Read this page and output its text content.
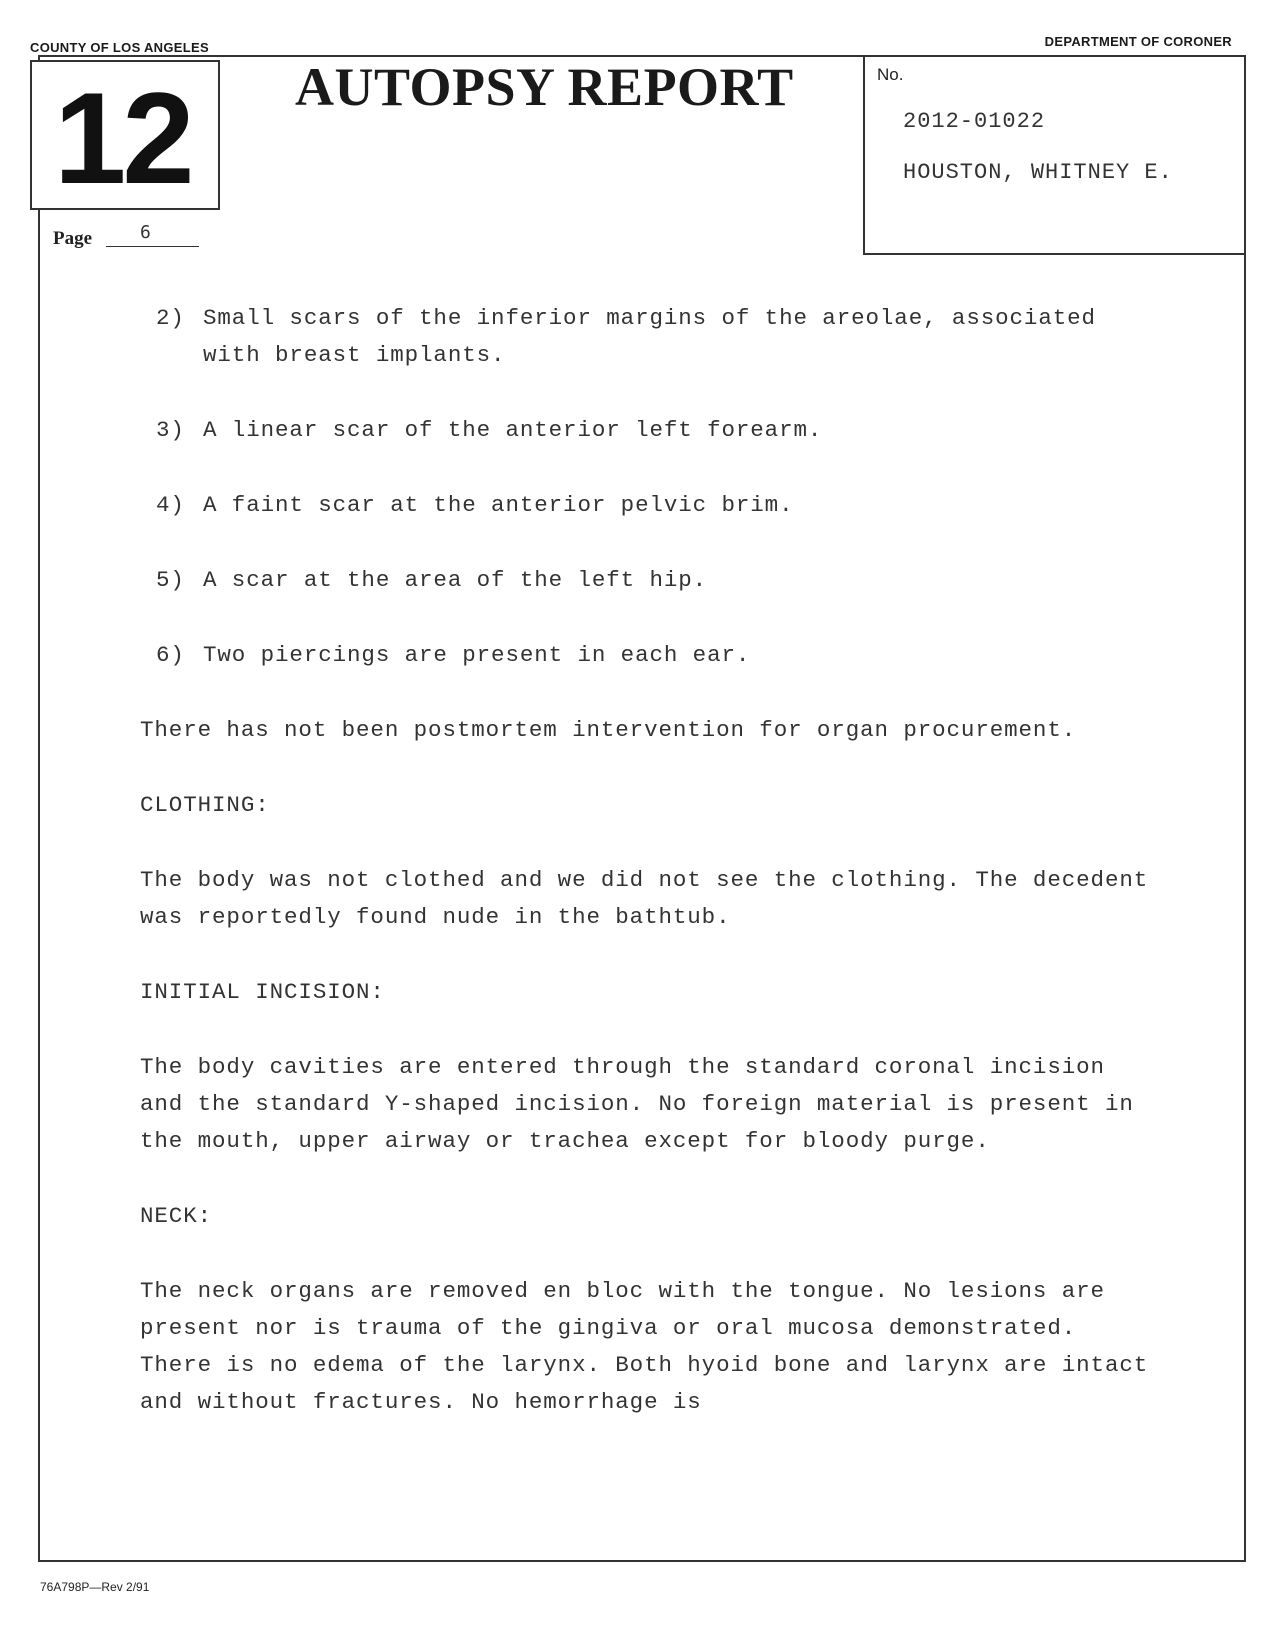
COUNTY OF LOS ANGELES	DEPARTMENT OF CORONER
12 AUTOPSY REPORT	No.
2012-01022
HOUSTON, WHITNEY E.
Page	6
2) Small scars of the inferior margins of the areolae, associated with breast implants.
3) A linear scar of the anterior left forearm.
4) A faint scar at the anterior pelvic brim.
5) A scar at the area of the left hip.
6) Two piercings are present in each ear.
There has not been postmortem intervention for organ procurement.
CLOTHING:
The body was not clothed and we did not see the clothing. The decedent was reportedly found nude in the bathtub.
INITIAL INCISION:
The body cavities are entered through the standard coronal incision and the standard Y-shaped incision. No foreign material is present in the mouth, upper airway or trachea except for bloody purge.
NECK:
The neck organs are removed en bloc with the tongue. No lesions are present nor is trauma of the gingiva or oral mucosa demonstrated. There is no edema of the larynx. Both hyoid bone and larynx are intact and without fractures. No hemorrhage is
76A798P—Rev 2/91
